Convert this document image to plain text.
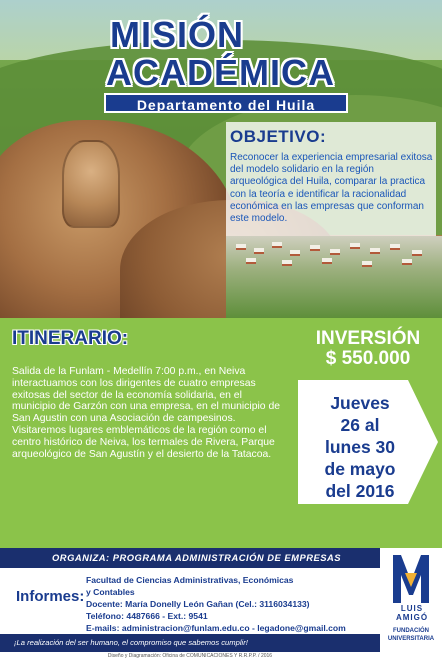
MISIÓN
ACADÉMICA
Departamento del Huila
OBJETIVO:
Reconocer la experiencia empresarial exitosa del modelo solidario en la región arqueológica del Huila, comparar la practica con la teoría e identificar la racionalidad económica en las empresas que conforman este modelo.
ITINERARIO:
Salida de la Funlam - Medellín 7:00 p.m., en Neiva interactuamos con los dirigentes de cuatro empresas exitosas del sector de la economía solidaria, en el municipio de Garzón con una empresa, en el municipio de San Agustin con una Asociación de campesinos. Visitaremos lugares emblemáticos de la región como el centro histórico de Neiva, los termales de Rivera, Parque arqueológico de San Agustín y el desierto de la Tatacoa.
INVERSIÓN
$ 550.000
Jueves
26 al
lunes 30
de mayo
del 2016
ORGANIZA: PROGRAMA ADMINISTRACIÓN DE EMPRESAS
Informes:
Facultad de Ciencias Administrativas, Económicas
y Contables
Docente: María Donelly León Gañan (Cel.: 3116034133)
Teléfono: 4487666 - Ext.: 9541
E-mails: administracion@funlam.edu.co - legadone@gmail.com
¡La realización del ser humano, el compromiso que sabemos cumplir!
Diseño y Diagramación: Oficina de COMUNICACIONES Y R.R.P.P. / 2016
LUIS
AMIGÓ
FUNDACIÓN
UNIVERSITARIA
